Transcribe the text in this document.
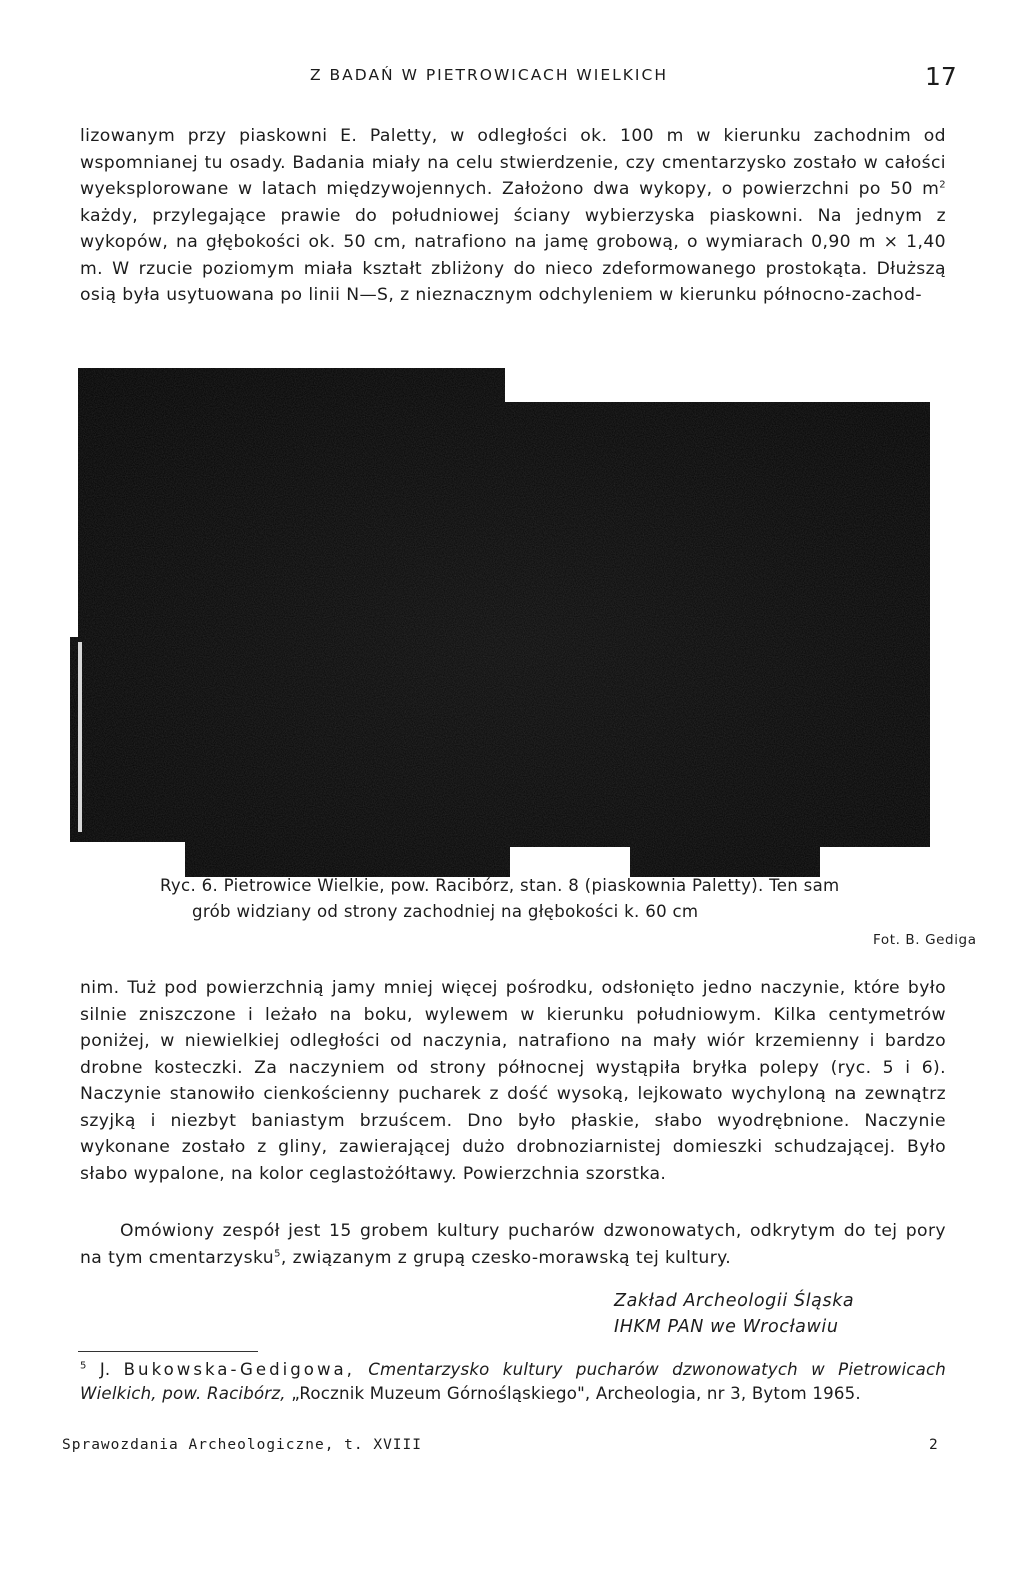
Z BADAŃ W PIETROWICACH WIELKICH	17

lizowanym przy piaskowni E. Paletty, w odległości ok. 100 m w kierunku zachodnim od wspomnianej tu osady. Badania miały na celu stwierdzenie, czy cmentarzysko zostało w całości wyeksplorowane w latach międzywojennych. Założono dwa wykopy, o powierzchni po 50 $m^2$ każdy, przylegające prawie do południowej ściany wybierzyska piaskowni. Na jednym z wykopów, na głębokości ok. 50 cm, natrafiono na jamę grobową, o wymiarach 0,90 m × 1,40 m. W rzucie poziomym miała kształt zbliżony do nieco zdeformowanego prostokąta. Dłuższą osią była usytuowana po linii N—S, z nieznacznym odchyleniem w kierunku północno-zachod-

Ryc. 6. Pietrowice Wielkie, pow. Racibórz, stan. 8 (piaskownia Paletty). Ten sam
grób widziany od strony zachodniej na głębokości k. 60 cm

Fot. B. Gediga

nim. Tuż pod powierzchnią jamy mniej więcej pośrodku, odsłonięto jedno naczynie, które było silnie zniszczone i leżało na boku, wylewem w kierunku południowym. Kilka centymetrów poniżej, w niewielkiej odległości od naczynia, natrafiono na mały wiór krzemienny i bardzo drobne kosteczki. Za naczyniem od strony północnej wystąpiła bryłka polepy (ryc. 5 i 6). Naczynie stanowiło cienkościenny pucharek z dość wysoką, lejkowato wychyloną na zewnątrz szyjką i niezbyt baniastym brzuścem. Dno było płaskie, słabo wyodrębnione. Naczynie wykonane zostało z gliny, zawierającej dużo drobnoziarnistej domieszki schudzającej. Było słabo wypalone, na kolor ceglastożółtawy. Powierzchnia szorstka.

Omówiony zespół jest 15 grobem kultury pucharów dzwonowatych, odkrytym do tej pory na tym cmentarzysku$^5$, związanym z grupą czesko-morawską tej kultury.

Zakład Archeologii Śląska
IHKM PAN we Wrocławiu

$^5$ J. Bukowska-Gedigowa, Cmentarzysko kultury pucharów dzwonowatych w Pietrowicach Wielkich, pow. Racibórz, „Rocznik Muzeum Górnośląskiego", Archeologia, nr 3, Bytom 1965.

Sprawozdania Archeologiczne, t. XVIII	2
